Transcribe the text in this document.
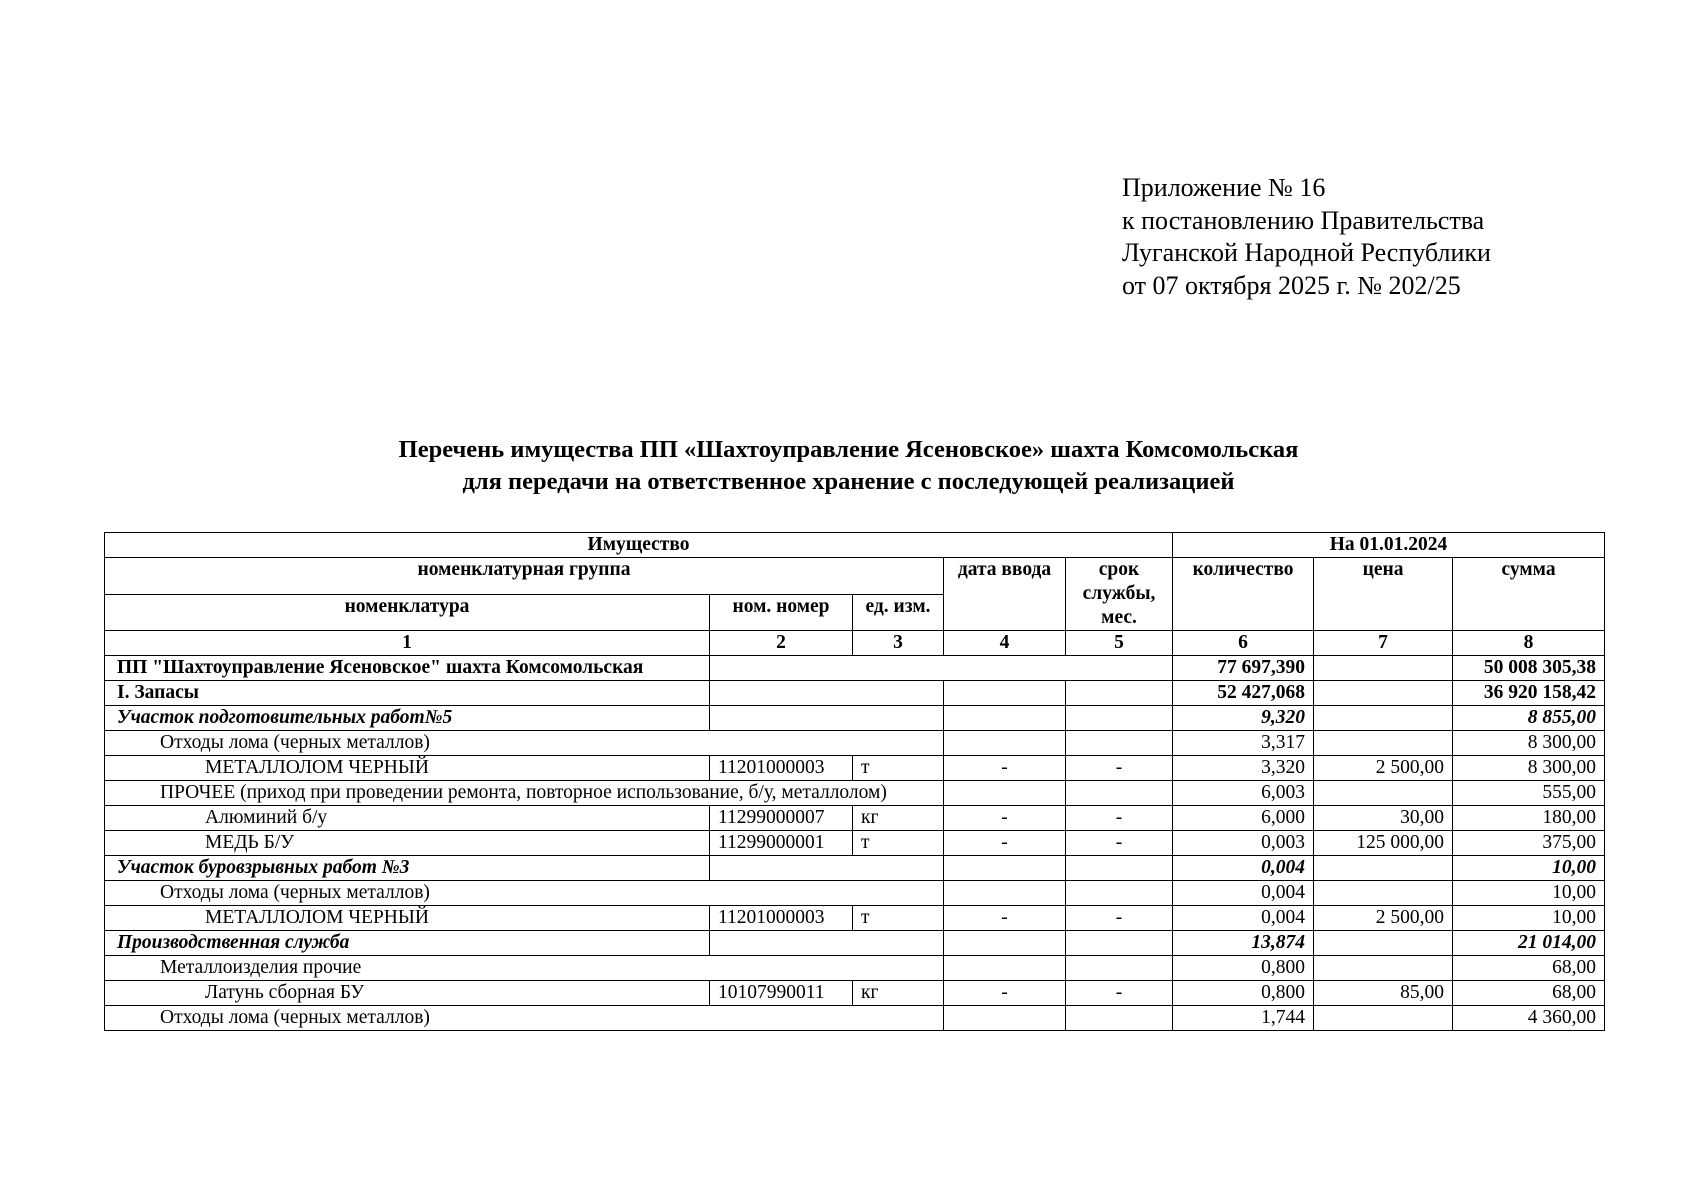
Приложение № 16
к постановлению Правительства
Луганской Народной Республики
от 07 октября 2025 г. № 202/25
Перечень имущества ПП «Шахтоуправление Ясеновское» шахта Комсомольская
для передачи на ответственное хранение с последующей реализацией
Имущество					На 01.01.2024		
номенклатурная группа			дата ввода	срок службы, мес.	количество	цена	сумма
номенклатура	ном. номер	ед. изм.					
1	2	3	4	5	6	7	8
ПП "Шахтоуправление Ясеновское" шахта Комсомольская					77 697,390		50 008 305,38
I. Запасы					52 427,068		36 920 158,42
Участок подготовительных работ№5					9,320		8 855,00
Отходы лома (черных металлов)					3,317		8 300,00
МЕТАЛЛОЛОМ ЧЕРНЫЙ	11201000003	т	-	-	3,320	2 500,00	8 300,00

ПРОЧЕЕ (приход при проведении ремонта, повторное использование, б/у, металлолом)					6,003		555,00
Алюминий б/у	11299000007	кг	-	-	6,000	30,00	180,00
МЕДЬ Б/У	11299000001	т	-	-	0,003	125 000,00	375,00
Участок буровзрывных работ №3					0,004		10,00
Отходы лома (черных металлов)					0,004		10,00
МЕТАЛЛОЛОМ ЧЕРНЫЙ	11201000003	т	-	-	0,004	2 500,00	10,00
Производственная служба					13,874		21 014,00
Металлоизделия прочие					0,800		68,00
Латунь сборная БУ	10107990011	кг	-	-	0,800	85,00	68,00
Отходы лома (черных металлов)					1,744		4 360,00
